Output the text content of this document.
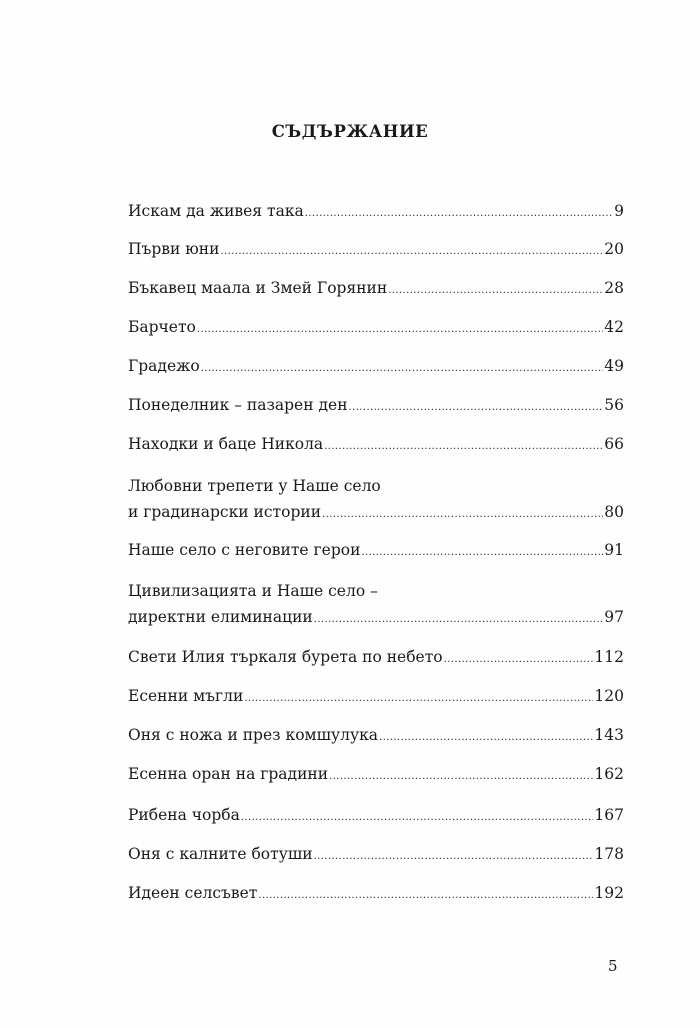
СЪДЪРЖАНИЕ
Искам да живея така .....	9
Първи юни .....	20
Бъкавец маала и Змей Горянин .....	28
Барчето .....	42
Градежо .....	49
Понеделник – пазарен ден .....	56
Находки и баце Никола .....	66
Любовни трепети у Наше село
и градинарски истории .....	80
Наше село с неговите герои .....	91
Цивилизацията и Наше село –
директни елиминации .....	97
Свети Илия търкаля бурета по небето .....	112
Есенни мъгли .....	120
Оня с ножа и през комшулука .....	143
Есенна оран на градини .....	162
Рибена чорба .....	167
Оня с калните ботуши .....	178
Идеен селсъвет .....	192
5
